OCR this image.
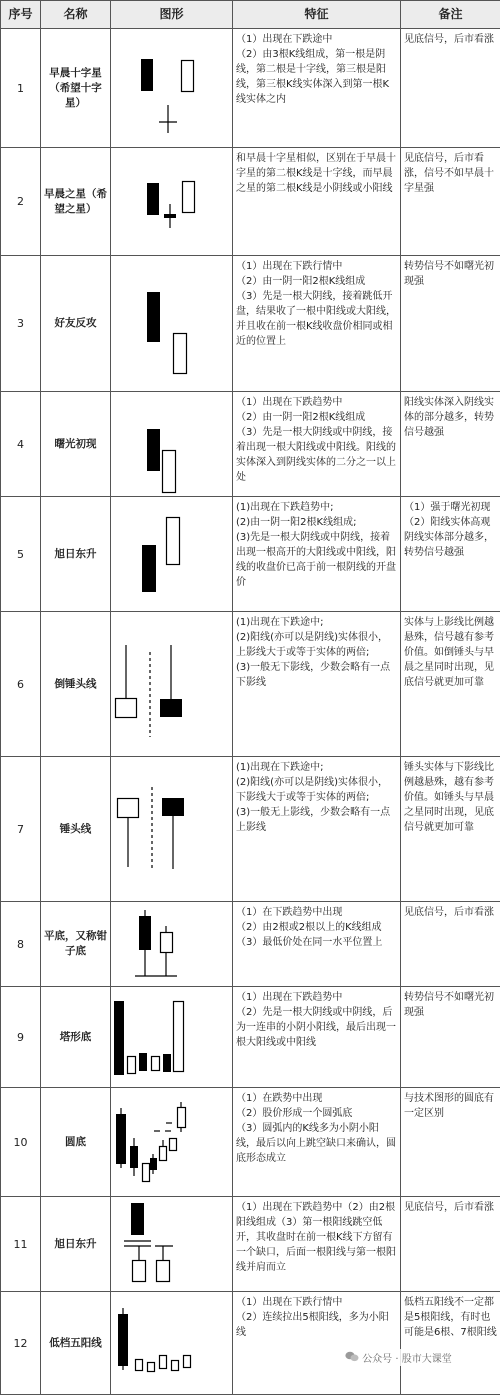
序号	名称	图形	特征	备注
1	早晨十字星（希望十字星）		（1）出现在下跌途中
（2）由3根K线组成，第一根是阴线，第二根是十字线，第三根是阳线，第三根K线实体深入到第一根K线实体之内	见底信号，后市看涨

2	早晨之星（希望之星）		和早晨十字星相似，区别在于早晨十字星的第二根K线是十字线，而早晨之星的第二根K线是小阴线或小阳线	见底信号，后市看涨，信号不如早晨十字星强

3	好友反攻		（1）出现在下跌行情中
（2）由一阴一阳2根K线组成
（3）先是一根大阴线，接着跳低开盘，结果收了一根中阳线或大阳线，并且收在前一根K线收盘价相同或相近的位置上	转势信号不如曙光初现强

4	曙光初现		（1）出现在下跌趋势中
（2）由一阴一阳2根K线组成
（3）先是一根大阴线或中阴线，接着出现一根大阳线或中阳线。阳线的实体深入到阴线实体的二分之一以上处	阳线实体深入阴线实体的部分越多，转势信号越强

5	旭日东升		(1)出现在下跌趋势中;
(2)由一阴一阳2根K线组成;
(3)先是一根大阴线或中阴线，接着出现一根高开的大阳线或中阳线，阳线的收盘价已高于前一根阴线的开盘价	（1）强于曙光初现
（2）阳线实体高观阴线实体部分越多，转势信号越强

6	倒锤头线		(1)出现在下跌途中;
(2)阳线(亦可以是阴线)实体很小，上影线大于或等于实体的两倍;
(3)一般无下影线，少数会略有一点下影线	实体与上影线比例越悬殊，信号越有参考价值。如倒锤头与早晨之星同时出现，见底信号就更加可靠

7	锤头线		(1)出现在下跌途中;
(2)阳线(亦可以是阴线)实体很小，下影线大于或等于实体的两倍;
(3)一般无上影线，少数会略有一点上影线	锤头实体与下影线比例越悬殊，越有参考价值。如锤头与早晨之星同时出现，见底信号就更加可靠

8	平底，又称钳子底		（1）在下跌趋势中出现
（2）由2根或2根以上的K线组成
（3）最低价处在同一水平位置上	见底信号，后市看涨

9	塔形底		（1）出现在下跌趋势中
（2）先是一根大阴线或中阴线，后为一连串的小阴小阳线，最后出现一根大阳线或中阳线	转势信号不如曙光初现强

10	圆底		（1）在跌势中出现
（2）股价形成一个圆弧底
（3）圆弧内的K线多为小阴小阳线，最后以向上跳空缺口来确认，圆底形态成立	与技术图形的圆底有一定区别

11	旭日东升		（1）出现在下跌趋势中（2）由2根阳线组成（3）第一根阳线跳空低开，其收盘时在前一根K线下方留有一个缺口，后面一根阳线与第一根阳线并肩而立	见底信号，后市看涨

12	低档五阳线		（1）出现在下跌行情中
（2）连续拉出5根阳线，多为小阳线	低档五阳线不一定都是5根阳线，有时也可能是6根、7根阳线
公众号 · 股市大课堂
